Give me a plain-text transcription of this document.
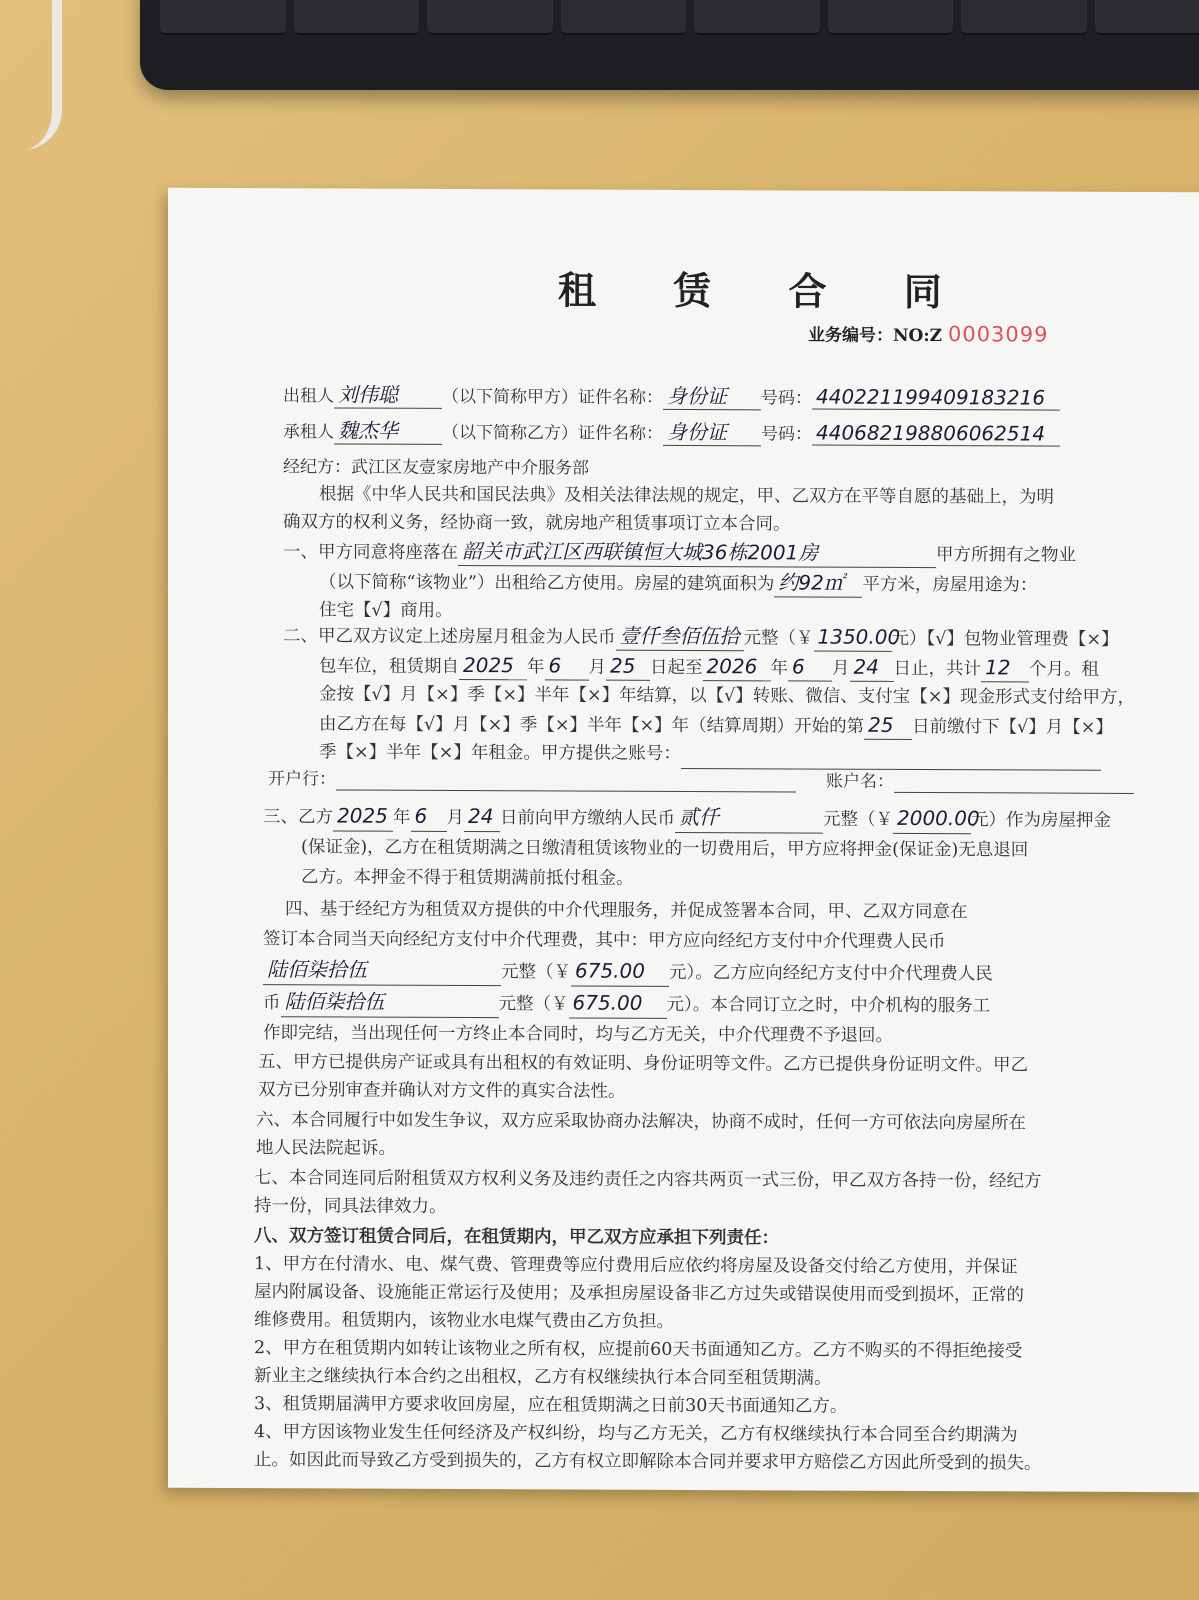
租 赁 合 同
业务编号：NO:Z 0003099
出租人 刘伟聪	（以下简称甲方）证件名称： 身份证 号码： 440221199409183216
承租人 魏杰华	（以下简称乙方）证件名称： 身份证 号码： 440682198806062514
经纪方：武江区友壹家房地产中介服务部
根据《中华人民共和国民法典》及相关法律法规的规定，甲、乙双方在平等自愿的基础上，为明
确双方的权利义务，经协商一致，就房地产租赁事项订立本合同。
一、甲方同意将座落在 韶关市武江区西联镇恒大城36栋2001房	甲方所拥有之物业
（以下简称“该物业”）出租给乙方使用。房屋的建筑面积为 约92㎡ 平方米，房屋用途为：
住宅【√】商用。
二、甲乙双方议定上述房屋月租金为人民币 壹仟叁佰伍拾 元整（￥ 1350.00元）【√】包物业管理费【×】
包车位，租赁期自 2025 年 6 月 25 日起至 2026 年 6 月 24 日止，共计 12 个月。租
金按【√】月【×】季【×】半年【×】年结算，以【√】转账、微信、支付宝【×】现金形式支付给甲方，
由乙方在每【√】月【×】季【×】半年【×】年（结算周期）开始的第 25 日前缴付下【√】月【×】
季【×】半年【×】年租金。甲方提供之账号：
开户行：	账户名：
三、乙方 2025 年 6 月 24 日前向甲方缴纳人民币 贰仟	元整（￥ 2000.00元）作为房屋押金
(保证金)，乙方在租赁期满之日缴清租赁该物业的一切费用后，甲方应将押金(保证金)无息退回
乙方。本押金不得于租赁期满前抵付租金。
四、基于经纪方为租赁双方提供的中介代理服务，并促成签署本合同，甲、乙双方同意在
签订本合同当天向经纪方支付中介代理费，其中：甲方应向经纪方支付中介代理费人民币
陆佰柒拾伍	元整（￥ 675.00 元）。乙方应向经纪方支付中介代理费人民
币 陆佰柒拾伍	元整（￥ 675.00 元）。本合同订立之时，中介机构的服务工
作即完结，当出现任何一方终止本合同时，均与乙方无关，中介代理费不予退回。
五、甲方已提供房产证或具有出租权的有效证明、身份证明等文件。乙方已提供身份证明文件。甲乙
双方已分别审查并确认对方文件的真实合法性。
六、本合同履行中如发生争议，双方应采取协商办法解决，协商不成时，任何一方可依法向房屋所在
地人民法院起诉。
七、本合同连同后附租赁双方权利义务及违约责任之内容共两页一式三份，甲乙双方各持一份，经纪方
持一份，同具法律效力。
八、双方签订租赁合同后，在租赁期内，甲乙双方应承担下列责任：
1、甲方在付清水、电、煤气费、管理费等应付费用后应依约将房屋及设备交付给乙方使用，并保证
屋内附属设备、设施能正常运行及使用；及承担房屋设备非乙方过失或错误使用而受到损坏，正常的
维修费用。租赁期内，该物业水电煤气费由乙方负担。
2、甲方在租赁期内如转让该物业之所有权，应提前60天书面通知乙方。乙方不购买的不得拒绝接受
新业主之继续执行本合约之出租权，乙方有权继续执行本合同至租赁期满。
3、租赁期届满甲方要求收回房屋，应在租赁期满之日前30天书面通知乙方。
4、甲方因该物业发生任何经济及产权纠纷，均与乙方无关，乙方有权继续执行本合同至合约期满为
止。如因此而导致乙方受到损失的，乙方有权立即解除本合同并要求甲方赔偿乙方因此所受到的损失。
